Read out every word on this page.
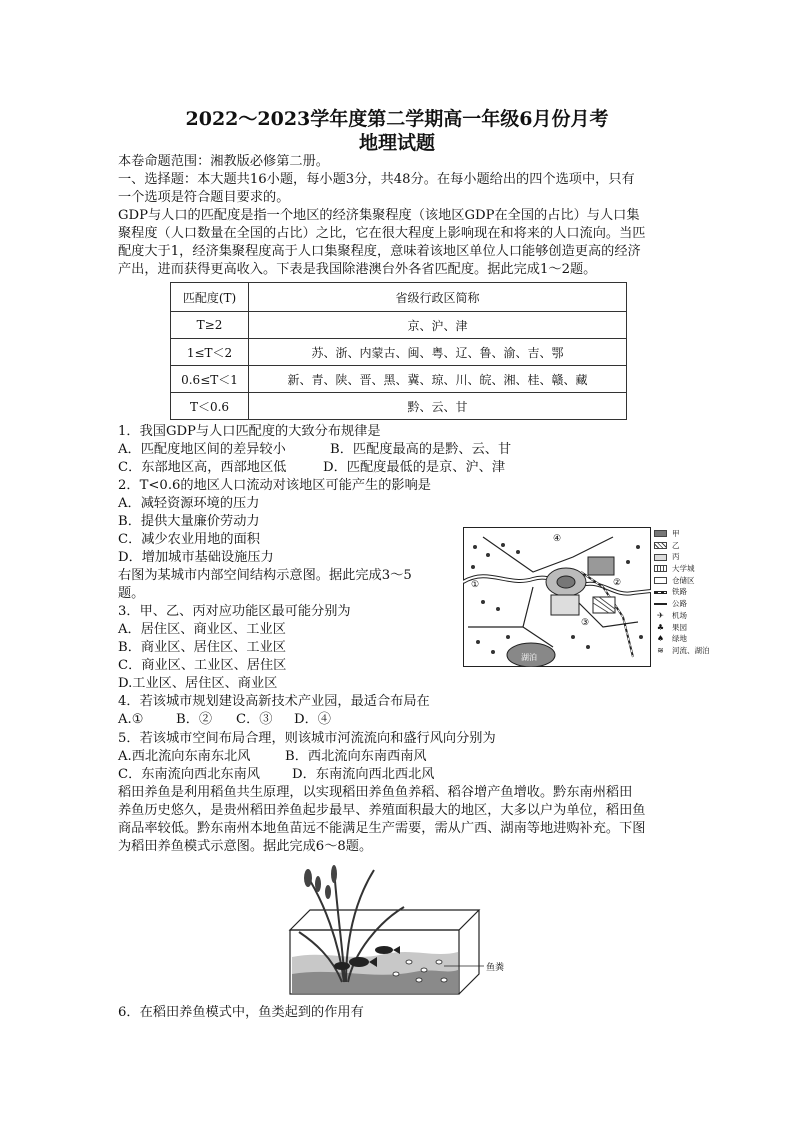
2022～2023学年度第二学期高一年级6月份月考
地理试题
本卷命题范围：湘教版必修第二册。
一、选择题：本大题共16小题，每小题3分，共48分。在每小题给出的四个选项中，只有
一个选项是符合题目要求的。
GDP与人口的匹配度是指一个地区的经济集聚程度（该地区GDP在全国的占比）与人口集
聚程度（人口数量在全国的占比）之比，它在很大程度上影响现在和将来的人口流向。当匹
配度大于1，经济集聚程度高于人口集聚程度，意味着该地区单位人口能够创造更高的经济
产出，进而获得更高收入。下表是我国除港澳台外各省匹配度。据此完成1～2题。
匹配度(T)	省级行政区简称
T≥2	京、沪、津
1≤T＜2	苏、浙、内蒙古、闽、粤、辽、鲁、渝、吉、鄂
0.6≤T＜1	新、青、陕、晋、黑、冀、琼、川、皖、湘、桂、赣、藏
T＜0.6	黔、云、甘
1．我国GDP与人口匹配度的大致分布规律是
A．匹配度地区间的差异较小	B．匹配度最高的是黔、云、甘
C．东部地区高，西部地区低	D．匹配度最低的是京、沪、津
2．T<0.6的地区人口流动对该地区可能产生的影响是
A．减轻资源环境的压力
B．提供大量廉价劳动力
C．减少农业用地的面积
D．增加城市基础设施压力
右图为某城市内部空间结构示意图。据此完成3～5
题。
湖泊
④
②
③
①
甲
乙
丙
大学城
仓储区
铁路
公路
✈	机场
♣	果园
♠	绿地
≋	河流、湖泊
3．甲、乙、丙对应功能区最可能分别为
A．居住区、商业区、工业区
B．商业区、居住区、工业区
C．商业区、工业区、居住区
D.工业区、居住区、商业区
4．若该城市规划建设高新技术产业园，最适合布局在
A.① B．② C．③ D．④
5．若该城市空间布局合理，则该城市河流流向和盛行风向分别为
A.西北流向东南东北风	B．西北流向东南西南风
C．东南流向西北东南风 D．东南流向西北西北风
稻田养鱼是利用稻鱼共生原理，以实现稻田养鱼鱼养稻、稻谷增产鱼增收。黔东南州稻田
养鱼历史悠久，是贵州稻田养鱼起步最早、养殖面积最大的地区，大多以户为单位，稻田鱼
商品率较低。黔东南州本地鱼苗远不能满足生产需要，需从广西、湖南等地进购补充。下图
为稻田养鱼模式示意图。据此完成6～8题。
鱼粪
6．在稻田养鱼模式中，鱼类起到的作用有
